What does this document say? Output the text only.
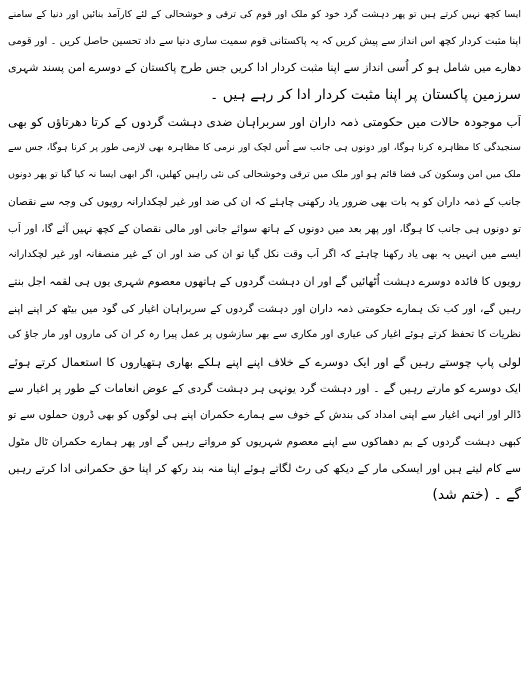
ایسا کچھ نہیں کرتے ہیں تو پھر دہشت گرد خود کو ملک اور قوم کی ترقی و خوشحالی کے لئے کارآمد بنائیں اور دنیا کے سامنے
اپنا مثبت کردار کچھ اس انداز سے پیش کریں کہ یہ پاکستانی قوم سمیت ساری دنیا سے داد تحسین حاصل کریں ۔ اور قومی
دھارے میں شامل ہو کر اُسی انداز سے اپنا مثبت کردار ادا کریں جس طرح پاکستان کے دوسرے امن پسند شہری
سرزمین پاکستان پر اپنا مثبت کردار ادا کر رہے ہیں ۔
اَب موجودہ حالات میں حکومتی ذمہ داران اور سربراہان ضدی دہشت گردوں کے کرتا دھرتاؤں کو بھی
سنجیدگی کا مظاہرہ کرنا ہوگا، اور دونوں ہی جانب سے اُس لچک اور نرمی کا مظاہرہ بھی لازمی طور پر کرنا ہوگا، جس سے
ملک میں امن وسکون کی فضا قائم ہو اور ملک میں ترقی وخوشحالی کی نئی راہیں کھلیں، اگر ابھی ایسا نہ کیا گیا تو پھر دونوں
جانب کے ذمہ داران کو یہ بات بھی ضرور یاد رکھنی چاہئے کہ ان کی ضد اور غیر لچکدارانہ رویوں کی وجہ سے نقصان
تو دونوں ہی جانب کا ہوگا، اور پھر بعد میں دونوں کے ہاتھ سوائے جانی اور مالی نقصان کے کچھ نہیں آئے گا، اور اَب
ایسے میں انہیں یہ بھی یاد رکھنا چاہئے کہ اگر اَب وقت نکل گیا تو ان کی ضد اور ان کے غیر منصفانہ اور غیر لچکدارانہ
رویوں کا فائدہ دوسرے دہشت اُٹھائیں گے اور ان دہشت گردوں کے ہاتھوں معصوم شہری یوں ہی لقمہ اجل بنتے
رہیں گے، اور کب تک ہمارے حکومتی ذمہ داران اور دہشت گردوں کے سربراہان اغیار کی گود میں بیٹھ کر اپنے اپنے
نظریات کا تحفظ کرتے ہوئے اغیار کی عیاری اور مکاری سے بھر سازشوں پر عمل پیرا رہ کر ان کی ماروں اور مار جاؤ کی
لولی پاپ چوستے رہیں گے اور ایک دوسرے کے خلاف اپنے اپنے ہلکے بھاری ہتھیاروں کا استعمال کرتے ہوئے
ایک دوسرے کو مارتے رہیں گے ۔ اور دہشت گرد یونہی ہر دہشت گردی کے عوض انعامات کے طور پر اغیار سے
ڈالر اور انہی اغیار سے اپنی امداد کی بندش کے خوف سے ہمارے حکمران اپنے ہی لوگوں کو بھی ڈرون حملوں سے تو
کبھی دہشت گردوں کے بم دھماکوں سے اپنے معصوم شہریوں کو مرواتے رہیں گے اور پھر ہمارے حکمران ٹال مٹول
سے کام لیتے ہیں اور ایسکی مار کے دیکھ کی رٹ لگاتے ہوئے اپنا منہ بند رکھ کر اپنا حق حکمرانی ادا کرتے رہیں
گے ۔ (ختم شد)
